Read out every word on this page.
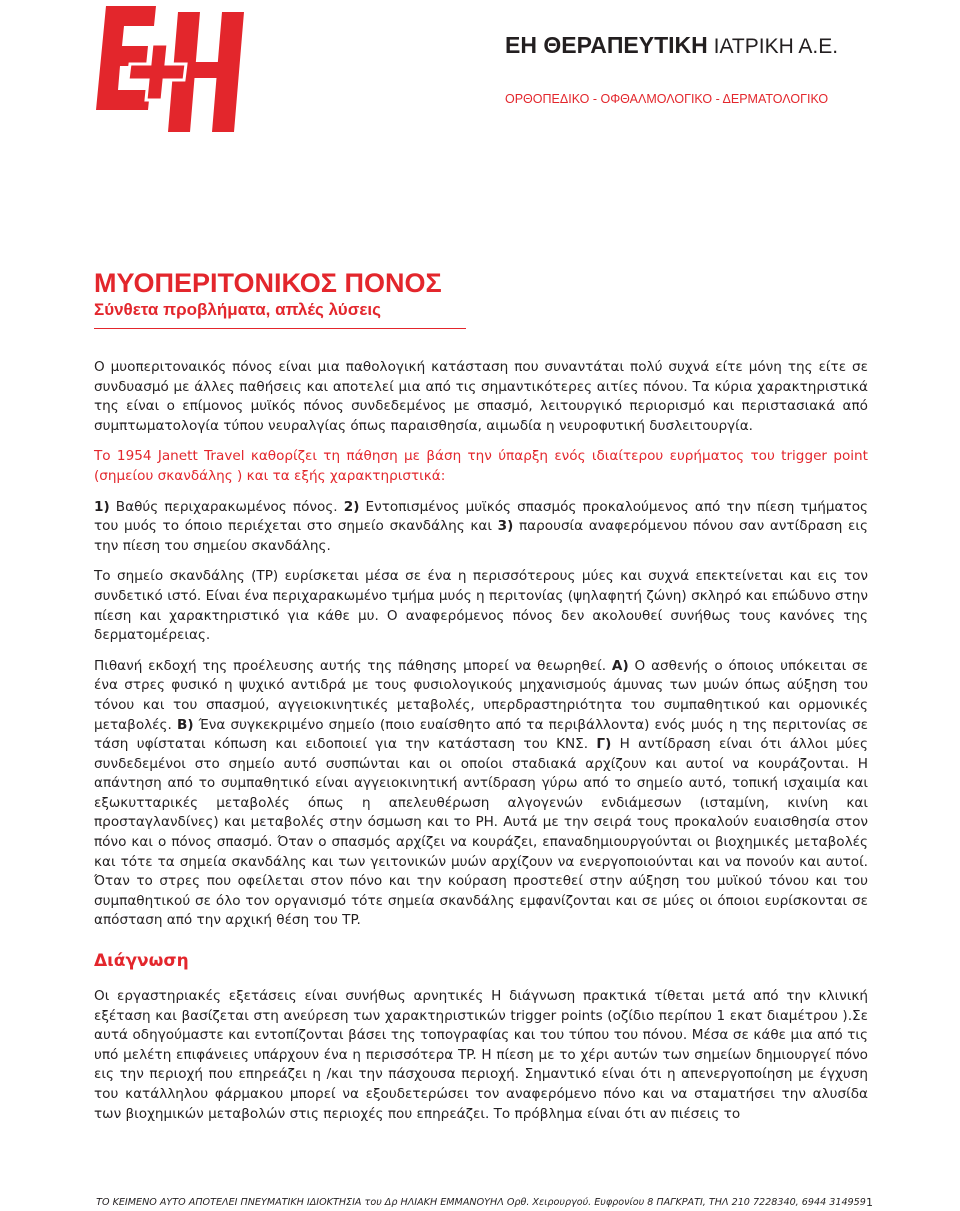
ΕΗ ΘΕΡΑΠΕΥΤΙΚΗ ΙΑΤΡΙΚΗ Α.Ε.
ΟΡΘΟΠΕΔΙΚΟ - ΟΦΘΑΛΜΟΛΟΓΙΚΟ - ΔΕΡΜΑΤΟΛΟΓΙΚΟ
ΜΥΟΠΕΡΙΤΟΝΙΚΟΣ ΠΟΝΟΣ
Σύνθετα προβλήματα, απλές λύσεις

Ο μυοπεριτοναικός πόνος είναι μια παθολογική κατάσταση που συναντάται πολύ συχνά είτε μόνη της είτε σε συνδυασμό με άλλες παθήσεις και αποτελεί μια από τις σημαντικότερες αιτίες πόνου. Τα κύρια χαρακτηριστικά της είναι ο επίμονος μυϊκός πόνος συνδεδεμένος με σπασμό, λειτουργικό περιορισμό και περιστασιακά από συμπτωματολογία τύπου νευραλγίας όπως παραισθησία, αιμωδία η νευροφυτική δυσλειτουργία.

Το 1954 Janett Travel καθορίζει τη πάθηση με βάση την ύπαρξη ενός ιδιαίτερου ευρήματος του trigger point (σημείου σκανδάλης ) και τα εξής χαρακτηριστικά:

1) Βαθύς περιχαρακωμένος πόνος. 2) Εντοπισμένος μυϊκός σπασμός προκαλούμενος από την πίεση τμήματος του μυός το όποιο περιέχεται στο σημείο σκανδάλης και 3) παρουσία αναφερόμενου πόνου σαν αντίδραση εις την πίεση του σημείου σκανδάλης.

Το σημείο σκανδάλης (TP) ευρίσκεται μέσα σε ένα η περισσότερους μύες και συχνά επεκτείνεται και εις τον συνδετικό ιστό. Είναι ένα περιχαρακωμένο τμήμα μυός η περιτονίας (ψηλαφητή ζώνη) σκληρό και επώδυνο στην πίεση και χαρακτηριστικό για κάθε μυ. Ο αναφερόμενος πόνος δεν ακολουθεί συνήθως τους κανόνες της δερματομέρειας.

Πιθανή εκδοχή της προέλευσης αυτής της πάθησης μπορεί να θεωρηθεί. Α) Ο ασθενής ο όποιος υπόκειται σε ένα στρες φυσικό η ψυχικό αντιδρά με τους φυσιολογικούς μηχανισμούς άμυνας των μυών όπως αύξηση του τόνου και του σπασμού, αγγειοκινητικές μεταβολές, υπερδραστηριότητα του συμπαθητικού και ορμονικές μεταβολές. Β) Ένα συγκεκριμένο σημείο (ποιο ευαίσθητο από τα περιβάλλοντα) ενός μυός η της περιτονίας σε τάση υφίσταται κόπωση και ειδοποιεί για την κατάσταση του ΚΝΣ. Γ) Η αντίδραση είναι ότι άλλοι μύες συνδεδεμένοι στο σημείο αυτό συσπώνται και οι οποίοι σταδιακά αρχίζουν και αυτοί να κουράζονται. Η απάντηση από το συμπαθητικό είναι αγγειοκινητική αντίδραση γύρω από το σημείο αυτό, τοπική ισχαιμία και εξωκυτταρικές μεταβολές όπως η απελευθέρωση αλγογενών ενδιάμεσων (ισταμίνη, κινίνη και προσταγλανδίνες) και μεταβολές στην όσμωση και το PH. Αυτά με την σειρά τους προκαλούν ευαισθησία στον πόνο και ο πόνος σπασμό. Όταν ο σπασμός αρχίζει να κουράζει, επαναδημιουργούνται οι βιοχημικές μεταβολές και τότε τα σημεία σκανδάλης και των γειτονικών μυών αρχίζουν να ενεργοποιούνται και να πονούν και αυτοί. Όταν το στρες που οφείλεται στον πόνο και την κούραση προστεθεί στην αύξηση του μυϊκού τόνου και του συμπαθητικού σε όλο τον οργανισμό τότε σημεία σκανδάλης εμφανίζονται και σε μύες οι όποιοι ευρίσκονται σε απόσταση από την αρχική θέση του TP.

Διάγνωση

Οι εργαστηριακές εξετάσεις είναι συνήθως αρνητικές Η διάγνωση πρακτικά τίθεται μετά από την κλινική εξέταση και βασίζεται στη ανεύρεση των χαρακτηριστικών trigger points (οζίδιο περίπου 1 εκατ διαμέτρου ).Σε αυτά οδηγούμαστε και εντοπίζονται βάσει της τοπογραφίας και του τύπου του πόνου. Μέσα σε κάθε μια από τις υπό μελέτη επιφάνειες υπάρχουν ένα η περισσότερα TP. Η πίεση με το χέρι αυτών των σημείων δημιουργεί πόνο εις την περιοχή που επηρεάζει η /και την πάσχουσα περιοχή. Σημαντικό είναι ότι η απενεργοποίηση με έγχυση του κατάλληλου φάρμακου μπορεί να εξουδετερώσει τον αναφερόμενο πόνο και να σταματήσει την αλυσίδα των βιοχημικών μεταβολών στις περιοχές που επηρεάζει. Το πρόβλημα είναι ότι αν πιέσεις το

ΤΟ ΚΕΙΜΕΝΟ ΑΥΤΟ ΑΠΟΤΕΛΕΙ ΠΝΕΥΜΑΤΙΚΗ ΙΔΙΟΚΤΗΣΙΑ του Δρ ΗΛΙΑΚΗ ΕΜΜΑΝΟΥΗΛ Ορθ. Χειρουργού. Ευφρονίου 8 ΠΑΓΚΡΑΤΙ, ΤΗΛ 210 7228340, 6944 314959 1
